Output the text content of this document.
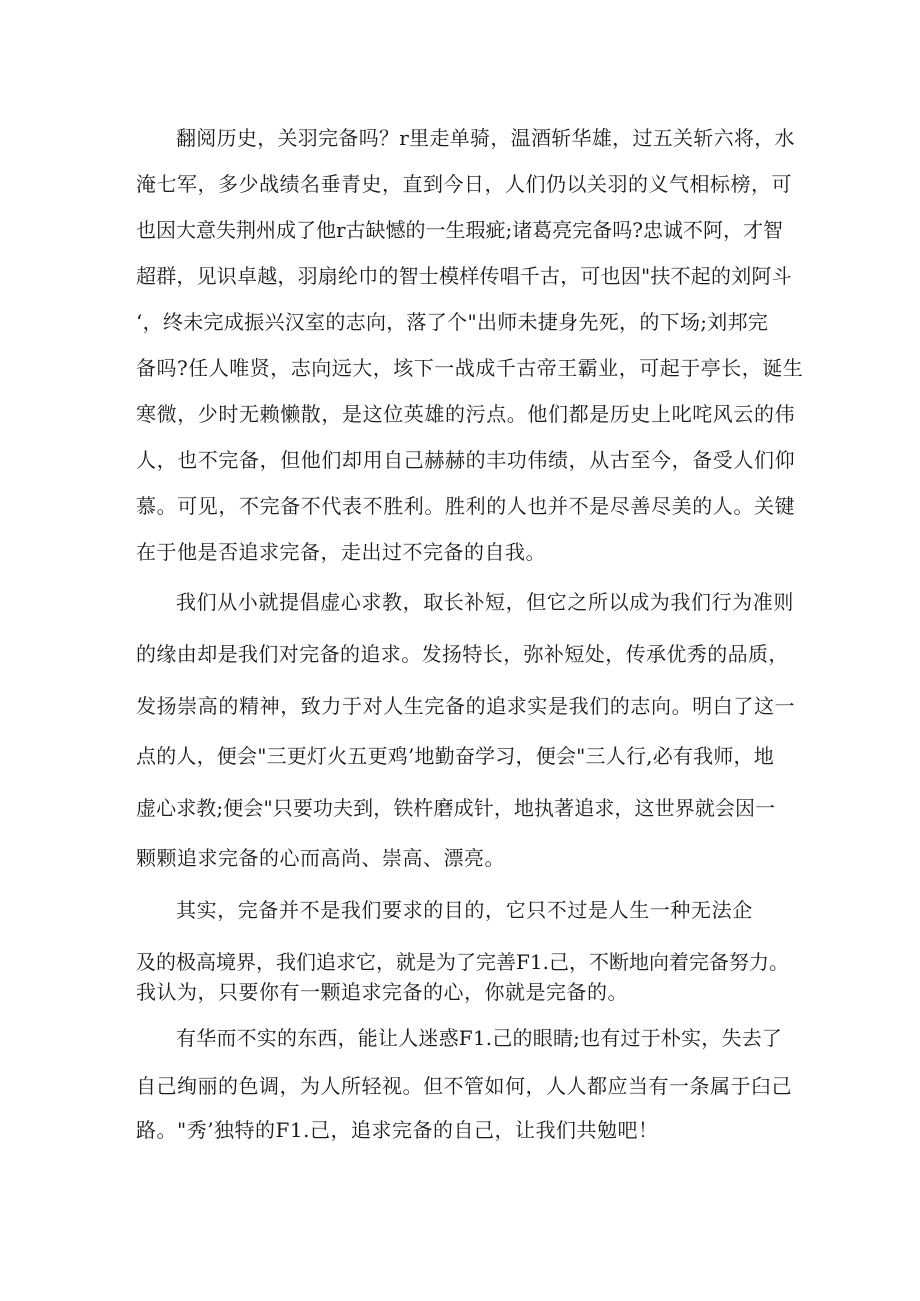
翻阅历史，关羽完备吗？r里走单骑，温酒斩华雄，过五关斩六将，水
淹七军，多少战绩名垂青史，直到今日，人们仍以关羽的义气相标榜，可
也因大意失荆州成了他r古缺憾的一生瑕疵;诸葛亮完备吗?忠诚不阿，才智
超群，见识卓越，羽扇纶巾的智士模样传唱千古，可也因"扶不起的刘阿斗
‘，终未完成振兴汉室的志向，落了个"出师未捷身先死，的下场;刘邦完
备吗?任人唯贤，志向远大，垓下一战成千古帝王霸业，可起于亭长，诞生
寒微，少时无赖懒散，是这位英雄的污点。他们都是历史上叱咤风云的伟
人，也不完备，但他们却用自己赫赫的丰功伟绩，从古至今，备受人们仰
慕。可见，不完备不代表不胜利。胜利的人也并不是尽善尽美的人。关键
在于他是否追求完备，走出过不完备的自我。
我们从小就提倡虚心求教，取长补短，但它之所以成为我们行为准则
的缘由却是我们对完备的追求。发扬特长，弥补短处，传承优秀的品质，
发扬崇高的精神，致力于对人生完备的追求实是我们的志向。明白了这一
点的人，便会"三更灯火五更鸡’地勤奋学习，便会"三人行,必有我师，地
虚心求教;便会"只要功夫到，铁杵磨成针，地执著追求，这世界就会因一
颗颗追求完备的心而高尚、崇高、漂亮。
其实，完备并不是我们要求的目的，它只不过是人生一种无法企
及的极高境界，我们追求它，就是为了完善F1.己，不断地向着完备努力。
我认为，只要你有一颗追求完备的心，你就是完备的。
有华而不实的东西，能让人迷惑F1.己的眼睛;也有过于朴实，失去了
自己绚丽的色调，为人所轻视。但不管如何，人人都应当有一条属于臼己
路。"秀’独特的F1.己，追求完备的自己，让我们共勉吧！
